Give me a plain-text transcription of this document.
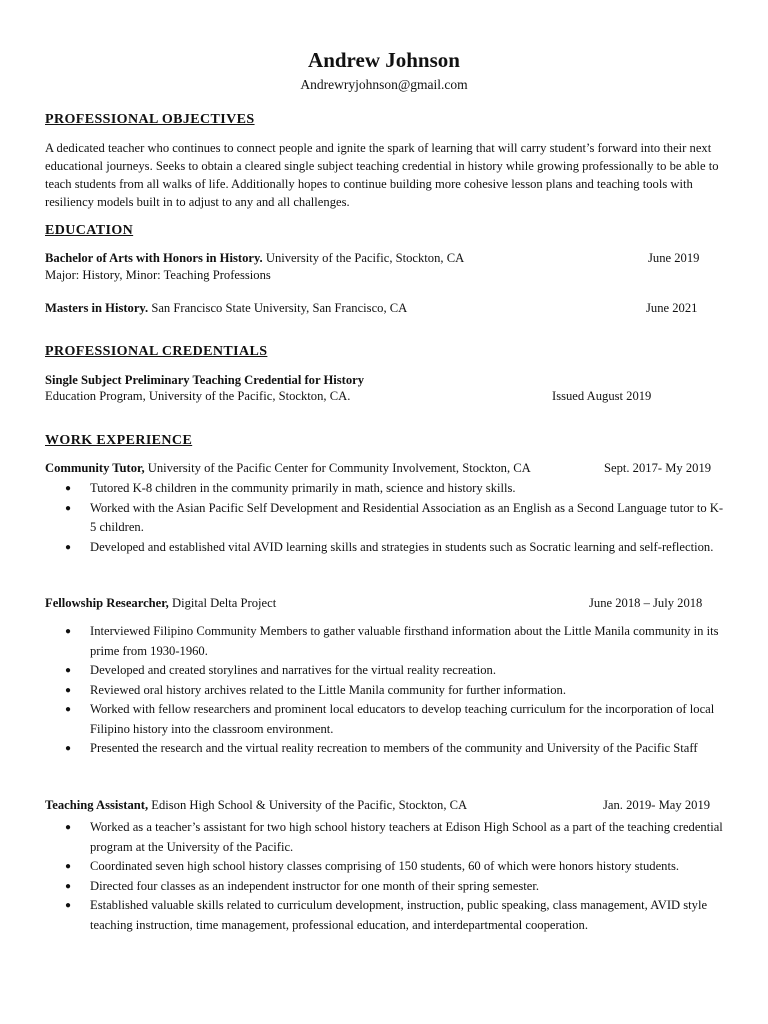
Andrew Johnson
Andrewryjohnson@gmail.com
PROFESSIONAL OBJECTIVES
A dedicated teacher who continues to connect people and ignite the spark of learning that will carry student’s forward into their next educational journeys. Seeks to obtain a cleared single subject teaching credential in history while growing professionally to be able to teach students from all walks of life. Additionally hopes to continue building more cohesive lesson plans and teaching tools with resiliency models built in to adjust to any and all challenges.
EDUCATION
Bachelor of Arts with Honors in History. University of the Pacific, Stockton, CA	June 2019
Major: History, Minor: Teaching Professions
Masters in History. San Francisco State University, San Francisco, CA	June 2021
PROFESSIONAL CREDENTIALS
Single Subject Preliminary Teaching Credential for History
Education Program, University of the Pacific, Stockton, CA.	Issued August 2019
WORK EXPERIENCE
Community Tutor, University of the Pacific Center for Community Involvement, Stockton, CA	Sept. 2017- My 2019
● Tutored K-8 children in the community primarily in math, science and history skills.
● Worked with the Asian Pacific Self Development and Residential Association as an English as a Second Language tutor to K-5 children.
● Developed and established vital AVID learning skills and strategies in students such as Socratic learning and self-reflection.
Fellowship Researcher, Digital Delta Project	June 2018 – July 2018
● Interviewed Filipino Community Members to gather valuable firsthand information about the Little Manila community in its prime from 1930-1960.
● Developed and created storylines and narratives for the virtual reality recreation.
● Reviewed oral history archives related to the Little Manila community for further information.
● Worked with fellow researchers and prominent local educators to develop teaching curriculum for the incorporation of local Filipino history into the classroom environment.
● Presented the research and the virtual reality recreation to members of the community and University of the Pacific Staff
Teaching Assistant, Edison High School & University of the Pacific, Stockton, CA	Jan. 2019- May 2019
● Worked as a teacher’s assistant for two high school history teachers at Edison High School as a part of the teaching credential program at the University of the Pacific.
● Coordinated seven high school history classes comprising of 150 students, 60 of which were honors history students.
● Directed four classes as an independent instructor for one month of their spring semester.
● Established valuable skills related to curriculum development, instruction, public speaking, class management, AVID style teaching instruction, time management, professional education, and interdepartmental cooperation.
